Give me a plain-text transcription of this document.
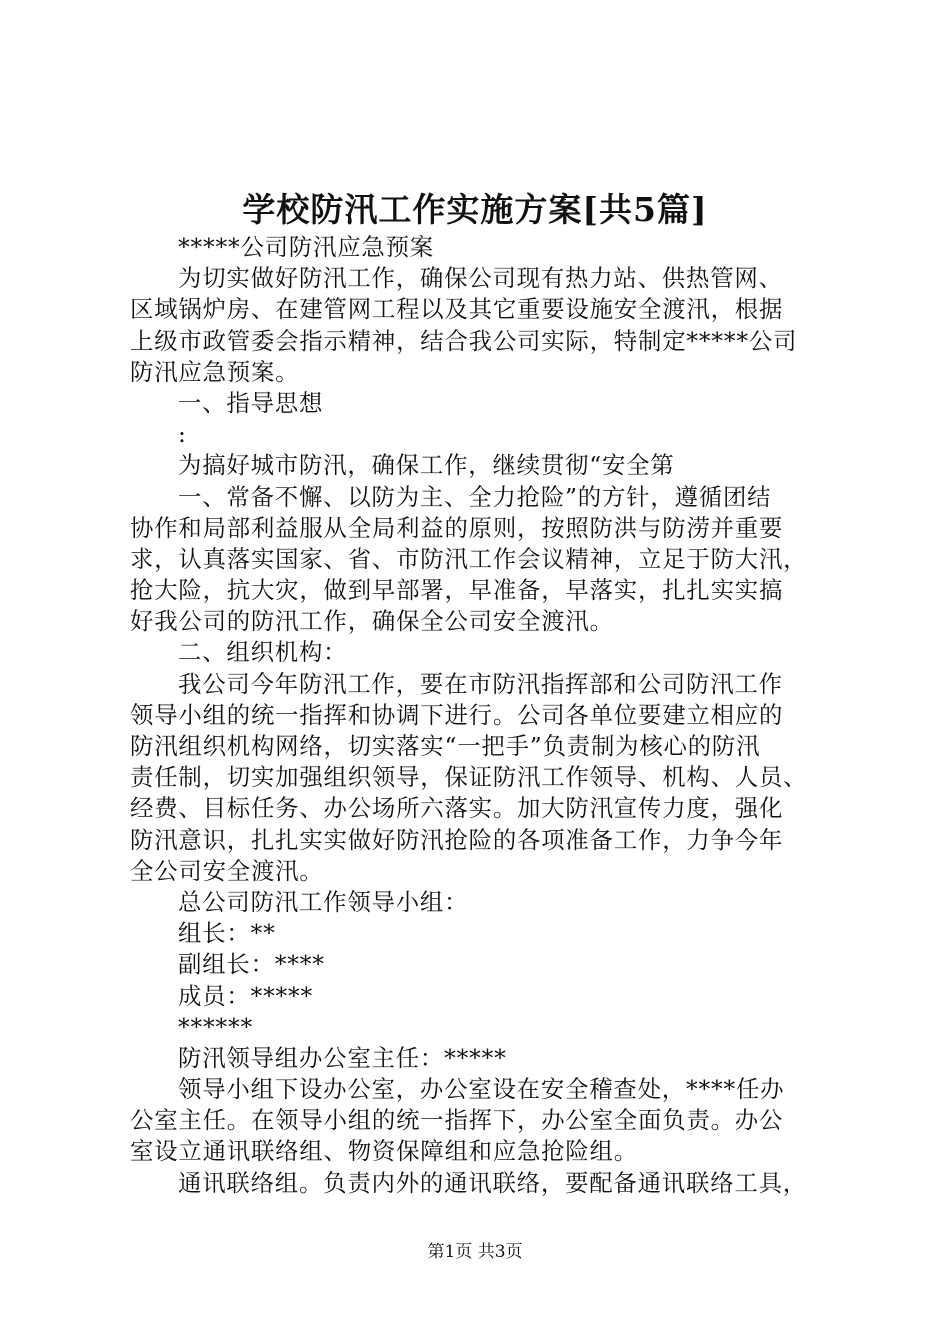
学校防汛工作实施方案[共5篇]
*****公司防汛应急预案
为切实做好防汛工作，确保公司现有热力站、供热管网、
区域锅炉房、在建管网工程以及其它重要设施安全渡汛，根据
上级市政管委会指示精神，结合我公司实际，特制定*****公司
防汛应急预案。
一、指导思想
:
为搞好城市防汛，确保工作，继续贯彻“安全第
一、常备不懈、以防为主、全力抢险”的方针，遵循团结
协作和局部利益服从全局利益的原则，按照防洪与防涝并重要
求，认真落实国家、省、市防汛工作会议精神，立足于防大汛，
抢大险，抗大灾，做到早部署，早准备，早落实，扎扎实实搞
好我公司的防汛工作，确保全公司安全渡汛。
二、组织机构：
我公司今年防汛工作，要在市防汛指挥部和公司防汛工作
领导小组的统一指挥和协调下进行。公司各单位要建立相应的
防汛组织机构网络，切实落实“一把手”负责制为核心的防汛
责任制，切实加强组织领导，保证防汛工作领导、机构、人员、
经费、目标任务、办公场所六落实。加大防汛宣传力度，强化
防汛意识，扎扎实实做好防汛抢险的各项准备工作，力争今年
全公司安全渡汛。
总公司防汛工作领导小组：
组长：**
副组长：****
成员：*****
******
防汛领导组办公室主任：*****
领导小组下设办公室，办公室设在安全稽查处，****任办
公室主任。在领导小组的统一指挥下，办公室全面负责。办公
室设立通讯联络组、物资保障组和应急抢险组。
通讯联络组。负责内外的通讯联络，要配备通讯联络工具，
第1页 共3页
